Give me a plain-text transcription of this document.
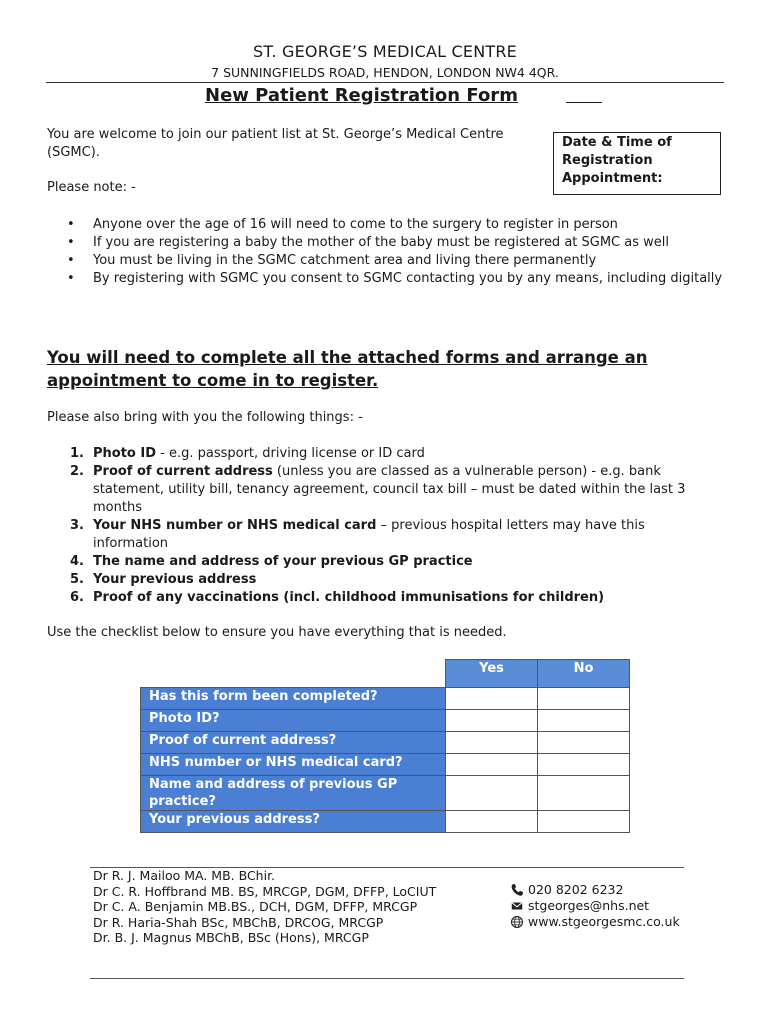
ST. GEORGE’S MEDICAL CENTRE
7 SUNNINGFIELDS ROAD, HENDON, LONDON NW4 4QR.
New Patient Registration Form
You are welcome to join our patient list at St. George’s Medical Centre (SGMC).
Please note: -
Date & Time of Registration Appointment:
• Anyone over the age of 16 will need to come to the surgery to register in person
• If you are registering a baby the mother of the baby must be registered at SGMC as well
• You must be living in the SGMC catchment area and living there permanently
• By registering with SGMC you consent to SGMC contacting you by any means, including digitally
You will need to complete all the attached forms and arrange an appointment to come in to register.
Please also bring with you the following things: -
1. Photo ID - e.g. passport, driving license or ID card
2. Proof of current address (unless you are classed as a vulnerable person) - e.g. bank statement, utility bill, tenancy agreement, council tax bill – must be dated within the last 3 months
3. Your NHS number or NHS medical card – previous hospital letters may have this information
4. The name and address of your previous GP practice
5. Your previous address
6. Proof of any vaccinations (incl. childhood immunisations for children)
Use the checklist below to ensure you have everything that is needed.
	Yes	No
Has this form been completed?		
Photo ID?		
Proof of current address?		
NHS number or NHS medical card?		
Name and address of previous GP practice?		
Your previous address?		
Dr R. J. Mailoo MA. MB. BChir.
Dr C. R. Hoffbrand MB. BS, MRCGP, DGM, DFFP, LoCIUT
Dr C. A. Benjamin MB.BS., DCH, DGM, DFFP, MRCGP
Dr R. Haria-Shah BSc, MBChB, DRCOG, MRCGP
Dr. B. J. Magnus MBChB, BSc (Hons), MRCGP
020 8202 6232
stgeorges@nhs.net
www.stgeorgesmc.co.uk
